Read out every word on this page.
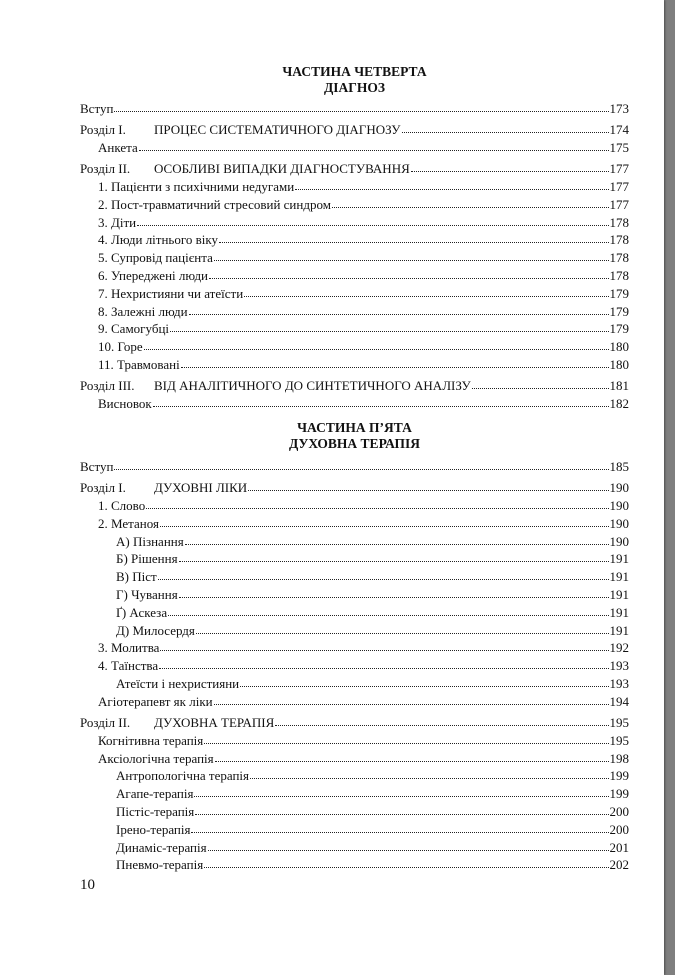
ЧАСТИНА ЧЕТВЕРТА
ДІАГНОЗ
Вступ	173
Розділ I. ПРОЦЕС СИСТЕМАТИЧНОГО ДІАГНОЗУ	174
Анкета	175
Розділ II. ОСОБЛИВІ ВИПАДКИ ДІАГНОСТУВАННЯ	177
1. Пацієнти з психічними недугами	177
2. Пост-травматичний стресовий синдром	177
3. Діти	178
4. Люди літнього віку	178
5. Супровід пацієнта	178
6. Упереджені люди	178
7. Нехристияни чи атеїсти	179
8. Залежні люди	179
9. Самогубці	179
10. Горе	180
11. Травмовані	180
Розділ III. ВІД АНАЛІТИЧНОГО ДО СИНТЕТИЧНОГО АНАЛІЗУ	181
Висновок	182
ЧАСТИНА П’ЯТА
ДУХОВНА ТЕРАПІЯ
Вступ	185
Розділ I. ДУХОВНІ ЛІКИ	190
1. Слово	190
2. Метаноя	190
А) Пізнання	190
Б) Рішення	191
В) Піст	191
Г) Чування	191
Ґ) Аскеза	191
Д) Милосердя	191
3. Молитва	192
4. Таїнства	193
Атеїсти і нехристияни	193
Агіотерапевт як ліки	194
Розділ II. ДУХОВНА ТЕРАПІЯ	195
Когнітивна терапія	195
Аксіологічна терапія	198
Антропологічна терапія	199
Агапе-терапія	199
Пістіс-терапія	200
Ірено-терапія	200
Динаміс-терапія	201
Пневмо-терапія	202
10
